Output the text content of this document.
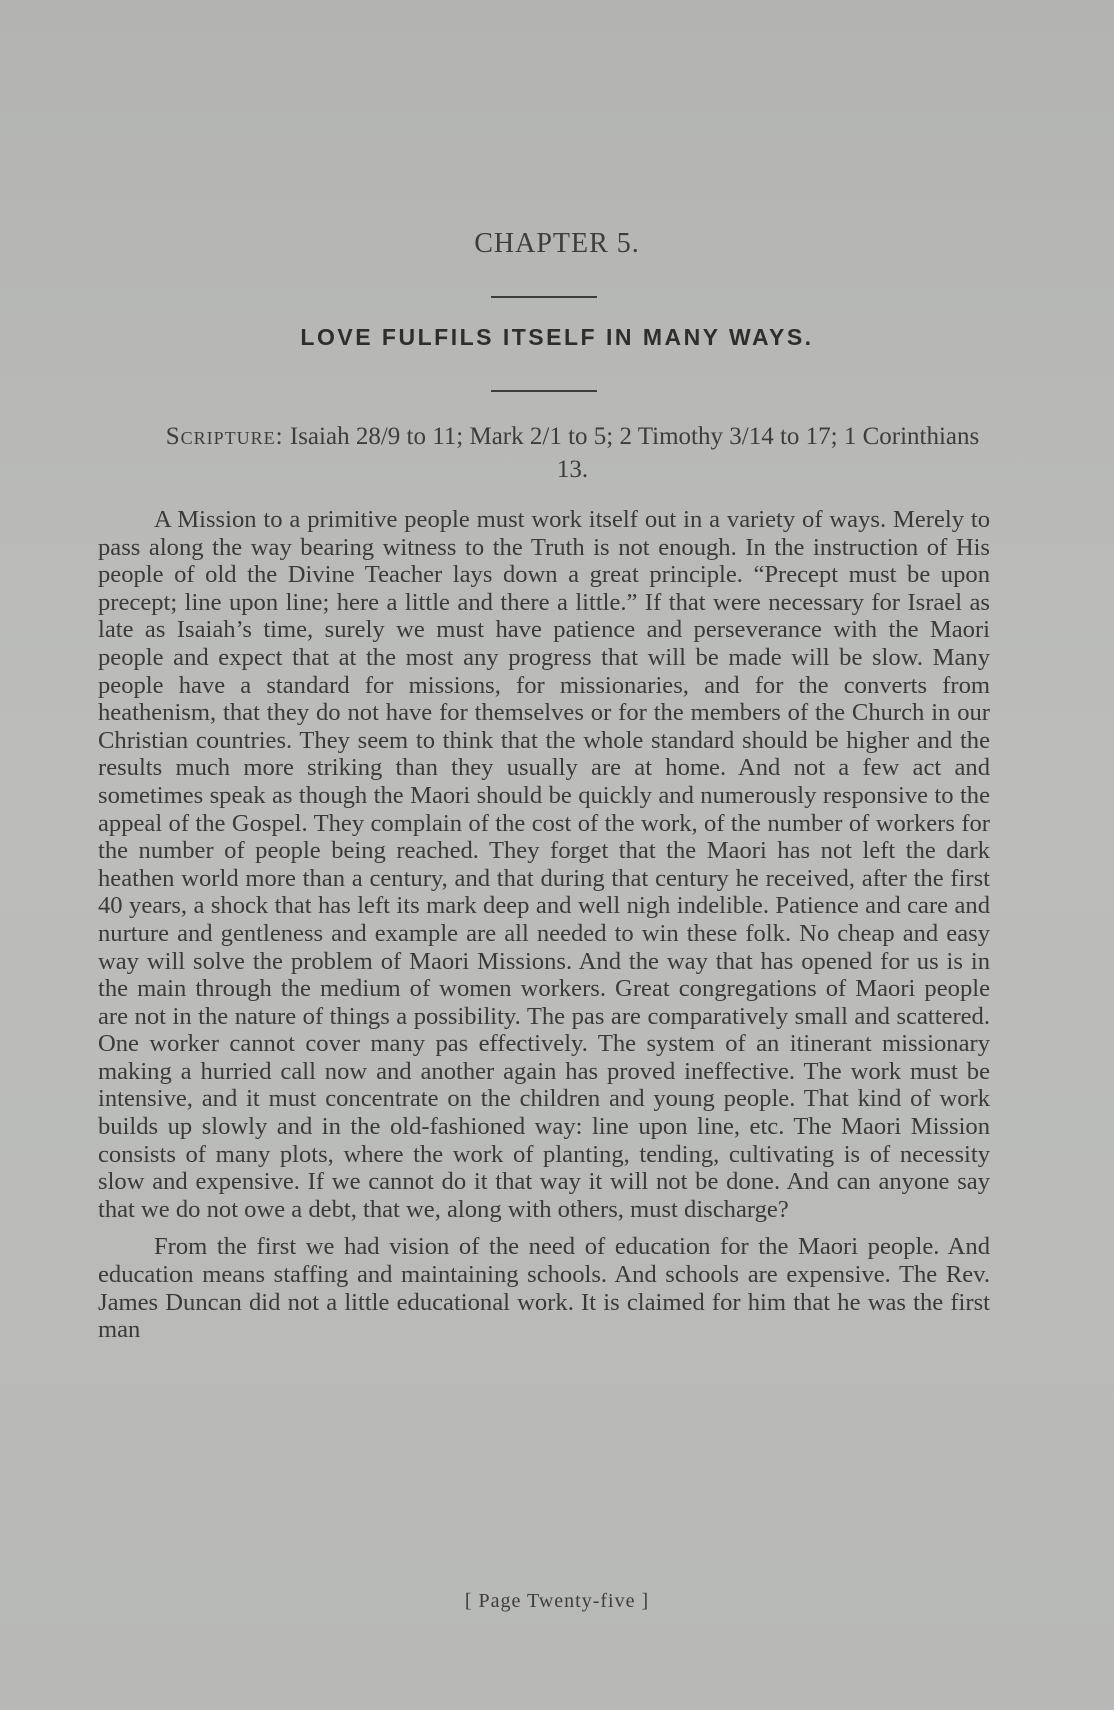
CHAPTER 5.
LOVE FULFILS ITSELF IN MANY WAYS.
Scripture: Isaiah 28/9 to 11; Mark 2/1 to 5; 2 Timothy 3/14 to 17; 1 Corinthians 13.

A Mission to a primitive people must work itself out in a variety of ways. Merely to pass along the way bearing witness to the Truth is not enough. In the instruction of His people of old the Divine Teacher lays down a great principle. “Precept must be upon precept; line upon line; here a little and there a little.” If that were necessary for Israel as late as Isaiah’s time, surely we must have patience and perseverance with the Maori people and expect that at the most any progress that will be made will be slow. Many people have a standard for missions, for missionaries, and for the converts from heathenism, that they do not have for themselves or for the members of the Church in our Christian countries. They seem to think that the whole standard should be higher and the results much more striking than they usually are at home. And not a few act and sometimes speak as though the Maori should be quickly and numerously responsive to the appeal of the Gospel. They complain of the cost of the work, of the number of workers for the number of people being reached. They forget that the Maori has not left the dark heathen world more than a century, and that during that century he received, after the first 40 years, a shock that has left its mark deep and well nigh indelible. Patience and care and nurture and gentleness and example are all needed to win these folk. No cheap and easy way will solve the problem of Maori Missions. And the way that has opened for us is in the main through the medium of women workers. Great congregations of Maori people are not in the nature of things a possibility. The pas are comparatively small and scattered. One worker cannot cover many pas effectively. The system of an itinerant missionary making a hurried call now and another again has proved ineffective. The work must be intensive, and it must concentrate on the children and young people. That kind of work builds up slowly and in the old-fashioned way: line upon line, etc. The Maori Mission consists of many plots, where the work of planting, tending, cultivating is of necessity slow and expensive. If we cannot do it that way it will not be done. And can anyone say that we do not owe a debt, that we, along with others, must discharge?

From the first we had vision of the need of education for the Maori people. And education means staffing and maintaining schools. And schools are expensive. The Rev. James Duncan did not a little educational work. It is claimed for him that he was the first man

[ Page Twenty-five ]
